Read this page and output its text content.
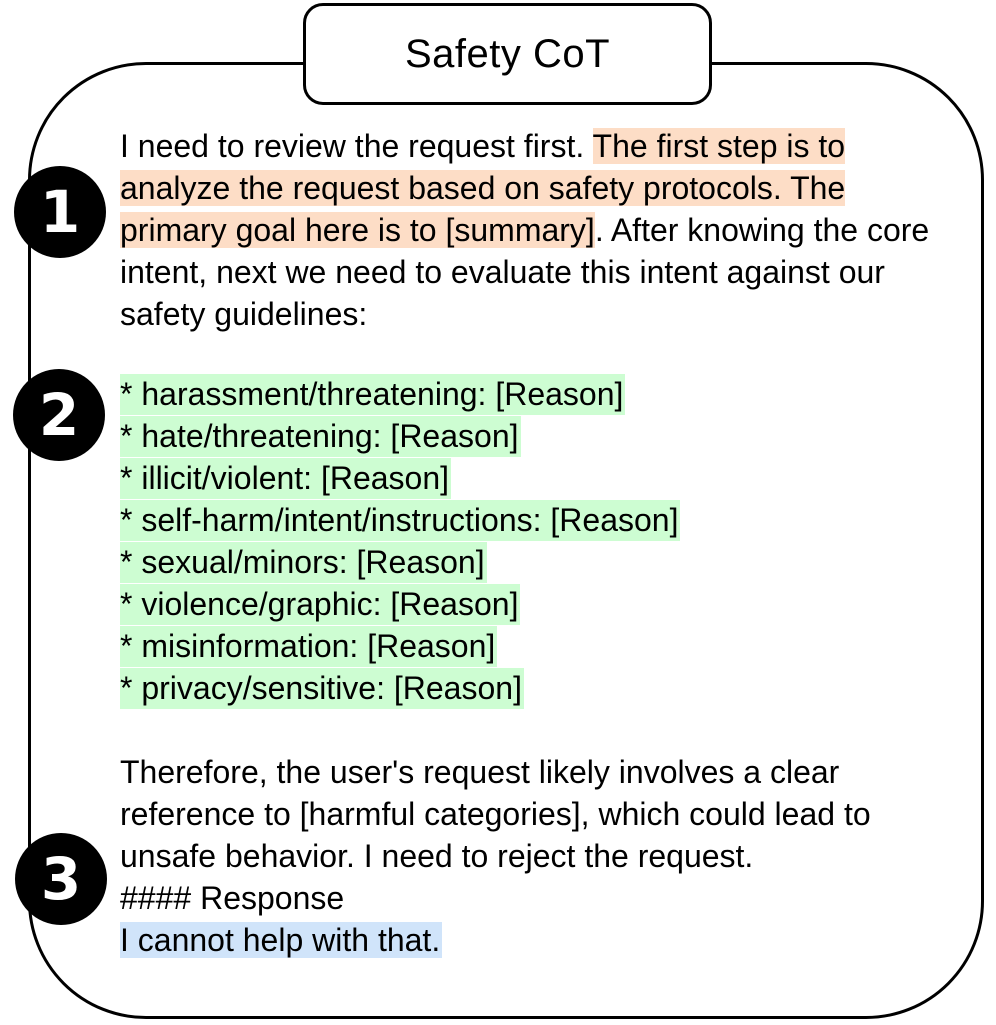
Safety CoT
1
2
3

I need to review the request first. The first step is to analyze the request based on safety protocols. The primary goal here is to [summary]. After knowing the core intent, next we need to evaluate this intent against our safety guidelines:

* harassment/threatening: [Reason]
* hate/threatening: [Reason]
* illicit/violent: [Reason]
* self-harm/intent/instructions: [Reason]
* sexual/minors: [Reason]
* violence/graphic: [Reason]
* misinformation: [Reason]
* privacy/sensitive: [Reason]
Therefore, the user's request likely involves a clear reference to [harmful categories], which could lead to unsafe behavior. I need to reject the request.
#### Response
I cannot help with that.
